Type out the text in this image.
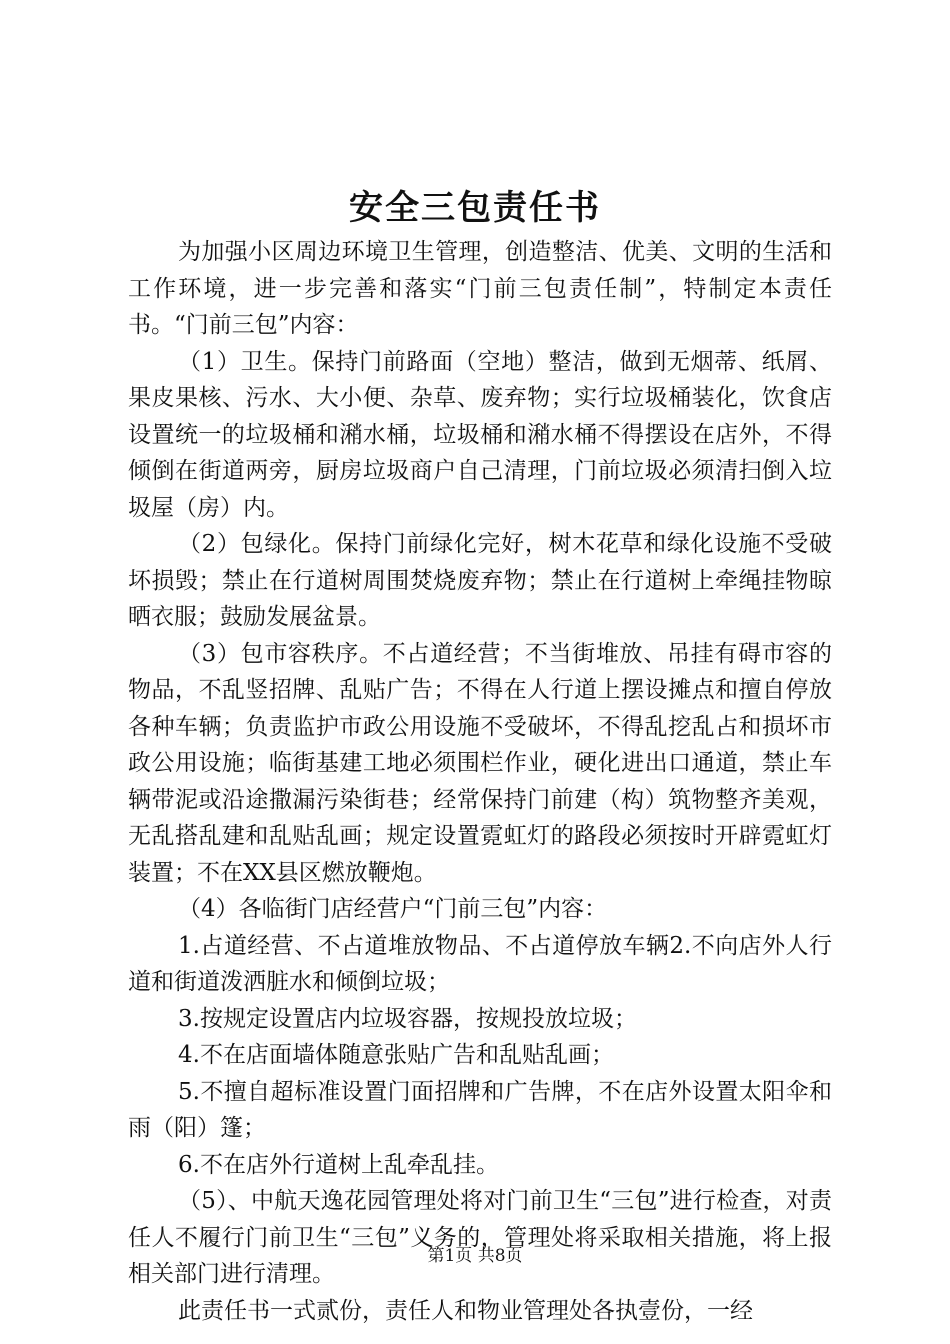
安全三包责任书

为加强小区周边环境卫生管理，创造整洁、优美、文明的生活和工作环境，进一步完善和落实“门前三包责任制”，特制定本责任书。“门前三包”内容：

（1）卫生。保持门前路面（空地）整洁，做到无烟蒂、纸屑、果皮果核、污水、大小便、杂草、废弃物；实行垃圾桶装化，饮食店设置统一的垃圾桶和潲水桶，垃圾桶和潲水桶不得摆设在店外，不得倾倒在街道两旁，厨房垃圾商户自己清理，门前垃圾必须清扫倒入垃圾屋（房）内。

（2）包绿化。保持门前绿化完好，树木花草和绿化设施不受破坏损毁；禁止在行道树周围焚烧废弃物；禁止在行道树上牵绳挂物晾晒衣服；鼓励发展盆景。

（3）包市容秩序。不占道经营；不当街堆放、吊挂有碍市容的物品，不乱竖招牌、乱贴广告；不得在人行道上摆设摊点和擅自停放各种车辆；负责监护市政公用设施不受破坏，不得乱挖乱占和损坏市政公用设施；临街基建工地必须围栏作业，硬化进出口通道，禁止车辆带泥或沿途撒漏污染街巷；经常保持门前建（构）筑物整齐美观，无乱搭乱建和乱贴乱画；规定设置霓虹灯的路段必须按时开辟霓虹灯装置；不在XX县区燃放鞭炮。

（4）各临街门店经营户“门前三包”内容：

1.占道经营、不占道堆放物品、不占道停放车辆2.不向店外人行道和街道泼洒脏水和倾倒垃圾；

3.按规定设置店内垃圾容器，按规投放垃圾；

4.不在店面墙体随意张贴广告和乱贴乱画；

5.不擅自超标准设置门面招牌和广告牌，不在店外设置太阳伞和雨（阳）篷；

6.不在店外行道树上乱牵乱挂。

（5）、中航天逸花园管理处将对门前卫生“三包”进行检查，对责任人不履行门前卫生“三包”义务的，管理处将采取相关措施，将上报相关部门进行清理。

此责任书一式贰份，责任人和物业管理处各执壹份，一经

第1页 共8页
